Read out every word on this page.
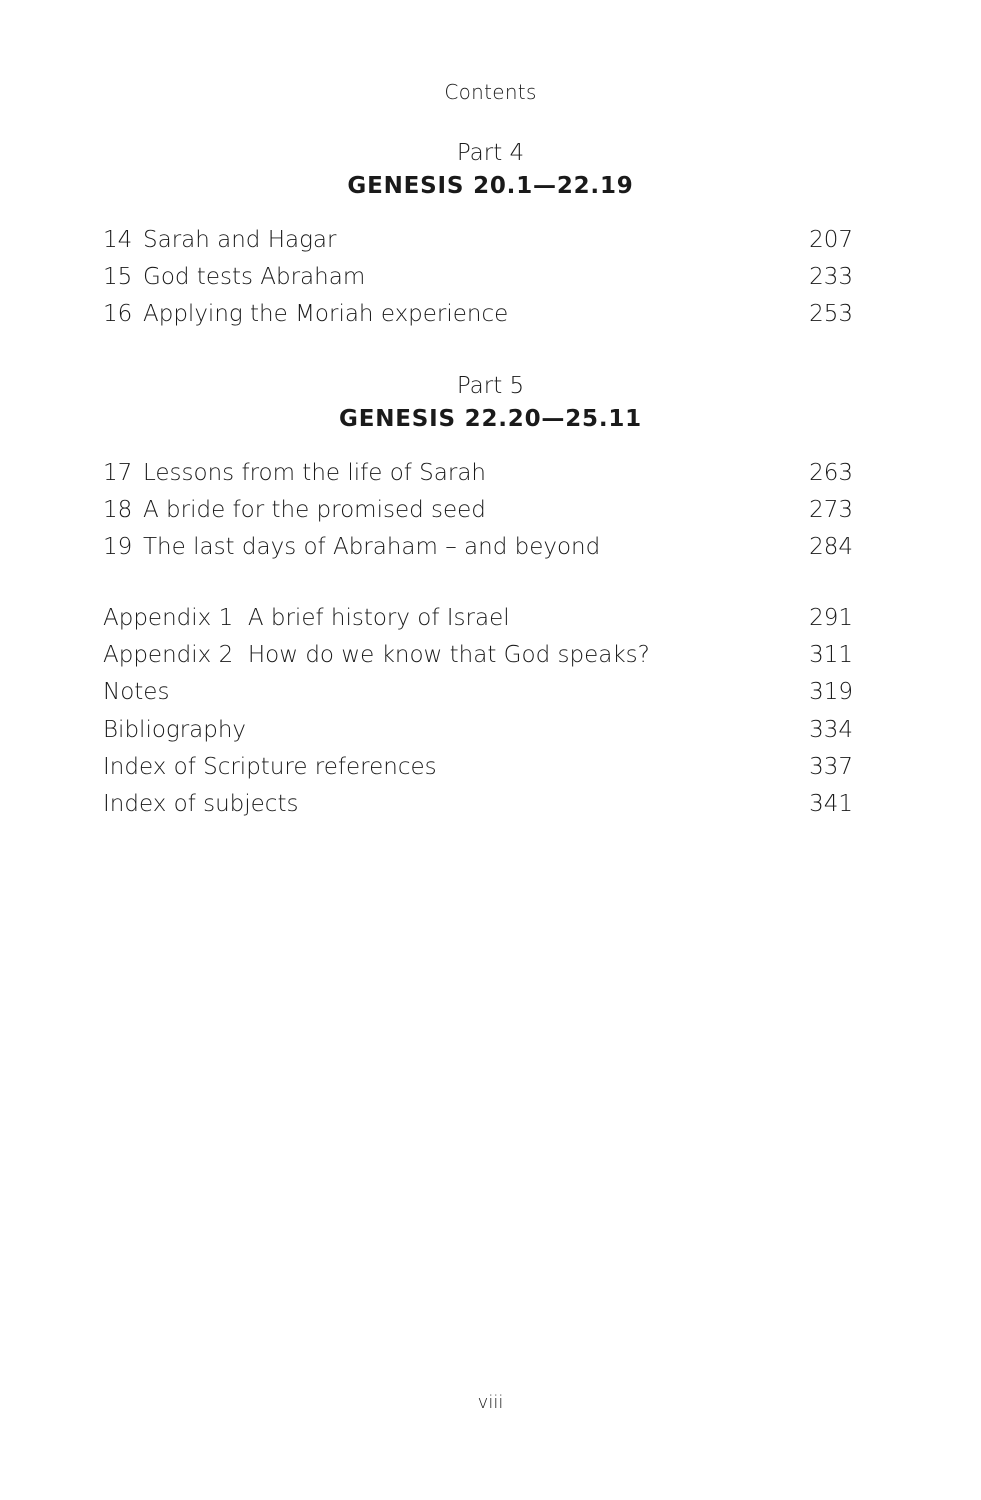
Contents
Part 4
GENESIS 20.1—22.19
14 Sarah and Hagar	207
15 God tests Abraham	233
16 Applying the Moriah experience	253
Part 5
GENESIS 22.20—25.11
17 Lessons from the life of Sarah	263
18 A bride for the promised seed	273
19 The last days of Abraham – and beyond	284
Appendix 1  A brief history of Israel	291
Appendix 2  How do we know that God speaks?	311
Notes	319
Bibliography	334
Index of Scripture references	337
Index of subjects	341
viii
